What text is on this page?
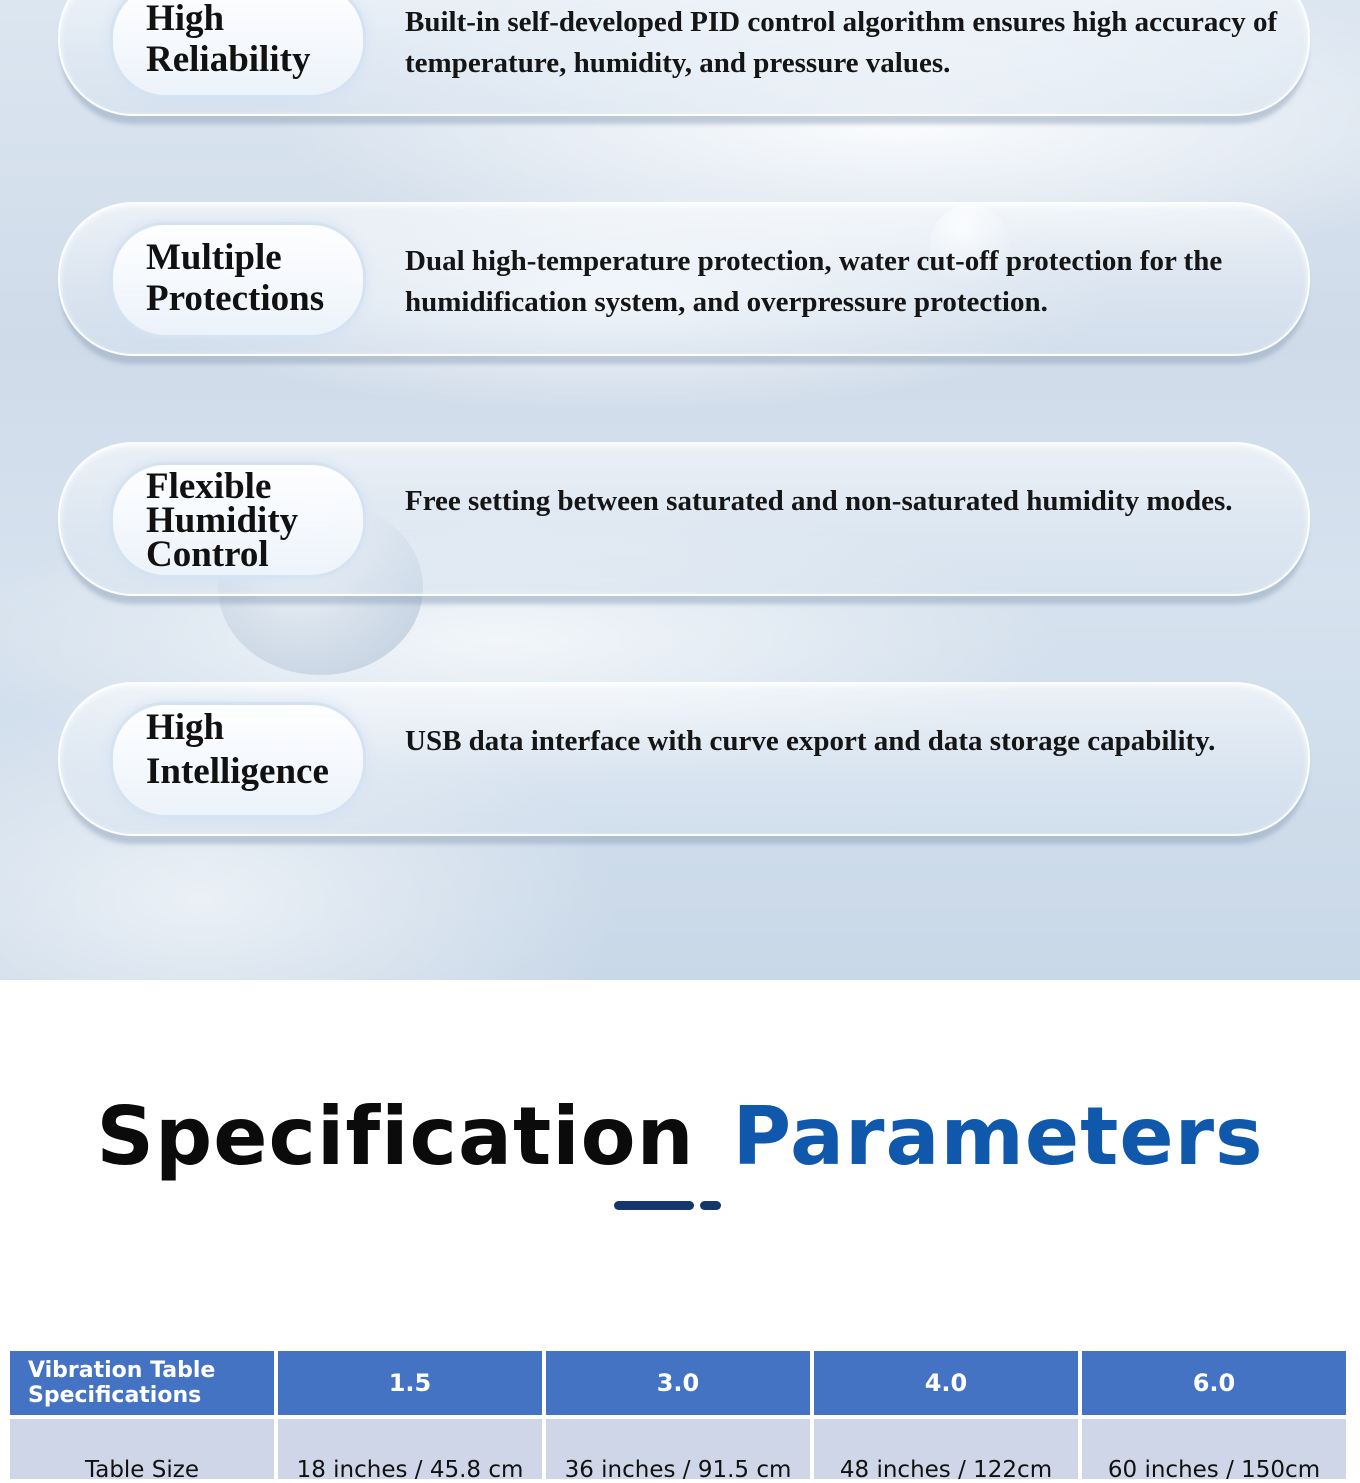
High
Reliability
Built-in self-developed PID control algorithm ensures high accuracy of temperature, humidity, and pressure values.
Multiple
Protections
Dual high-temperature protection, water cut-off protection for the humidification system, and overpressure protection.
Flexible
Humidity
Control
Free setting between saturated and non-saturated humidity modes.
High
Intelligence
USB data interface with curve export and data storage capability.
Specification Parameters
Vibration Table Specifications	1.5	3.0	4.0	6.0
Table Size	18 inches / 45.8 cm	36 inches / 91.5 cm	48 inches / 122cm	60 inches / 150cm
